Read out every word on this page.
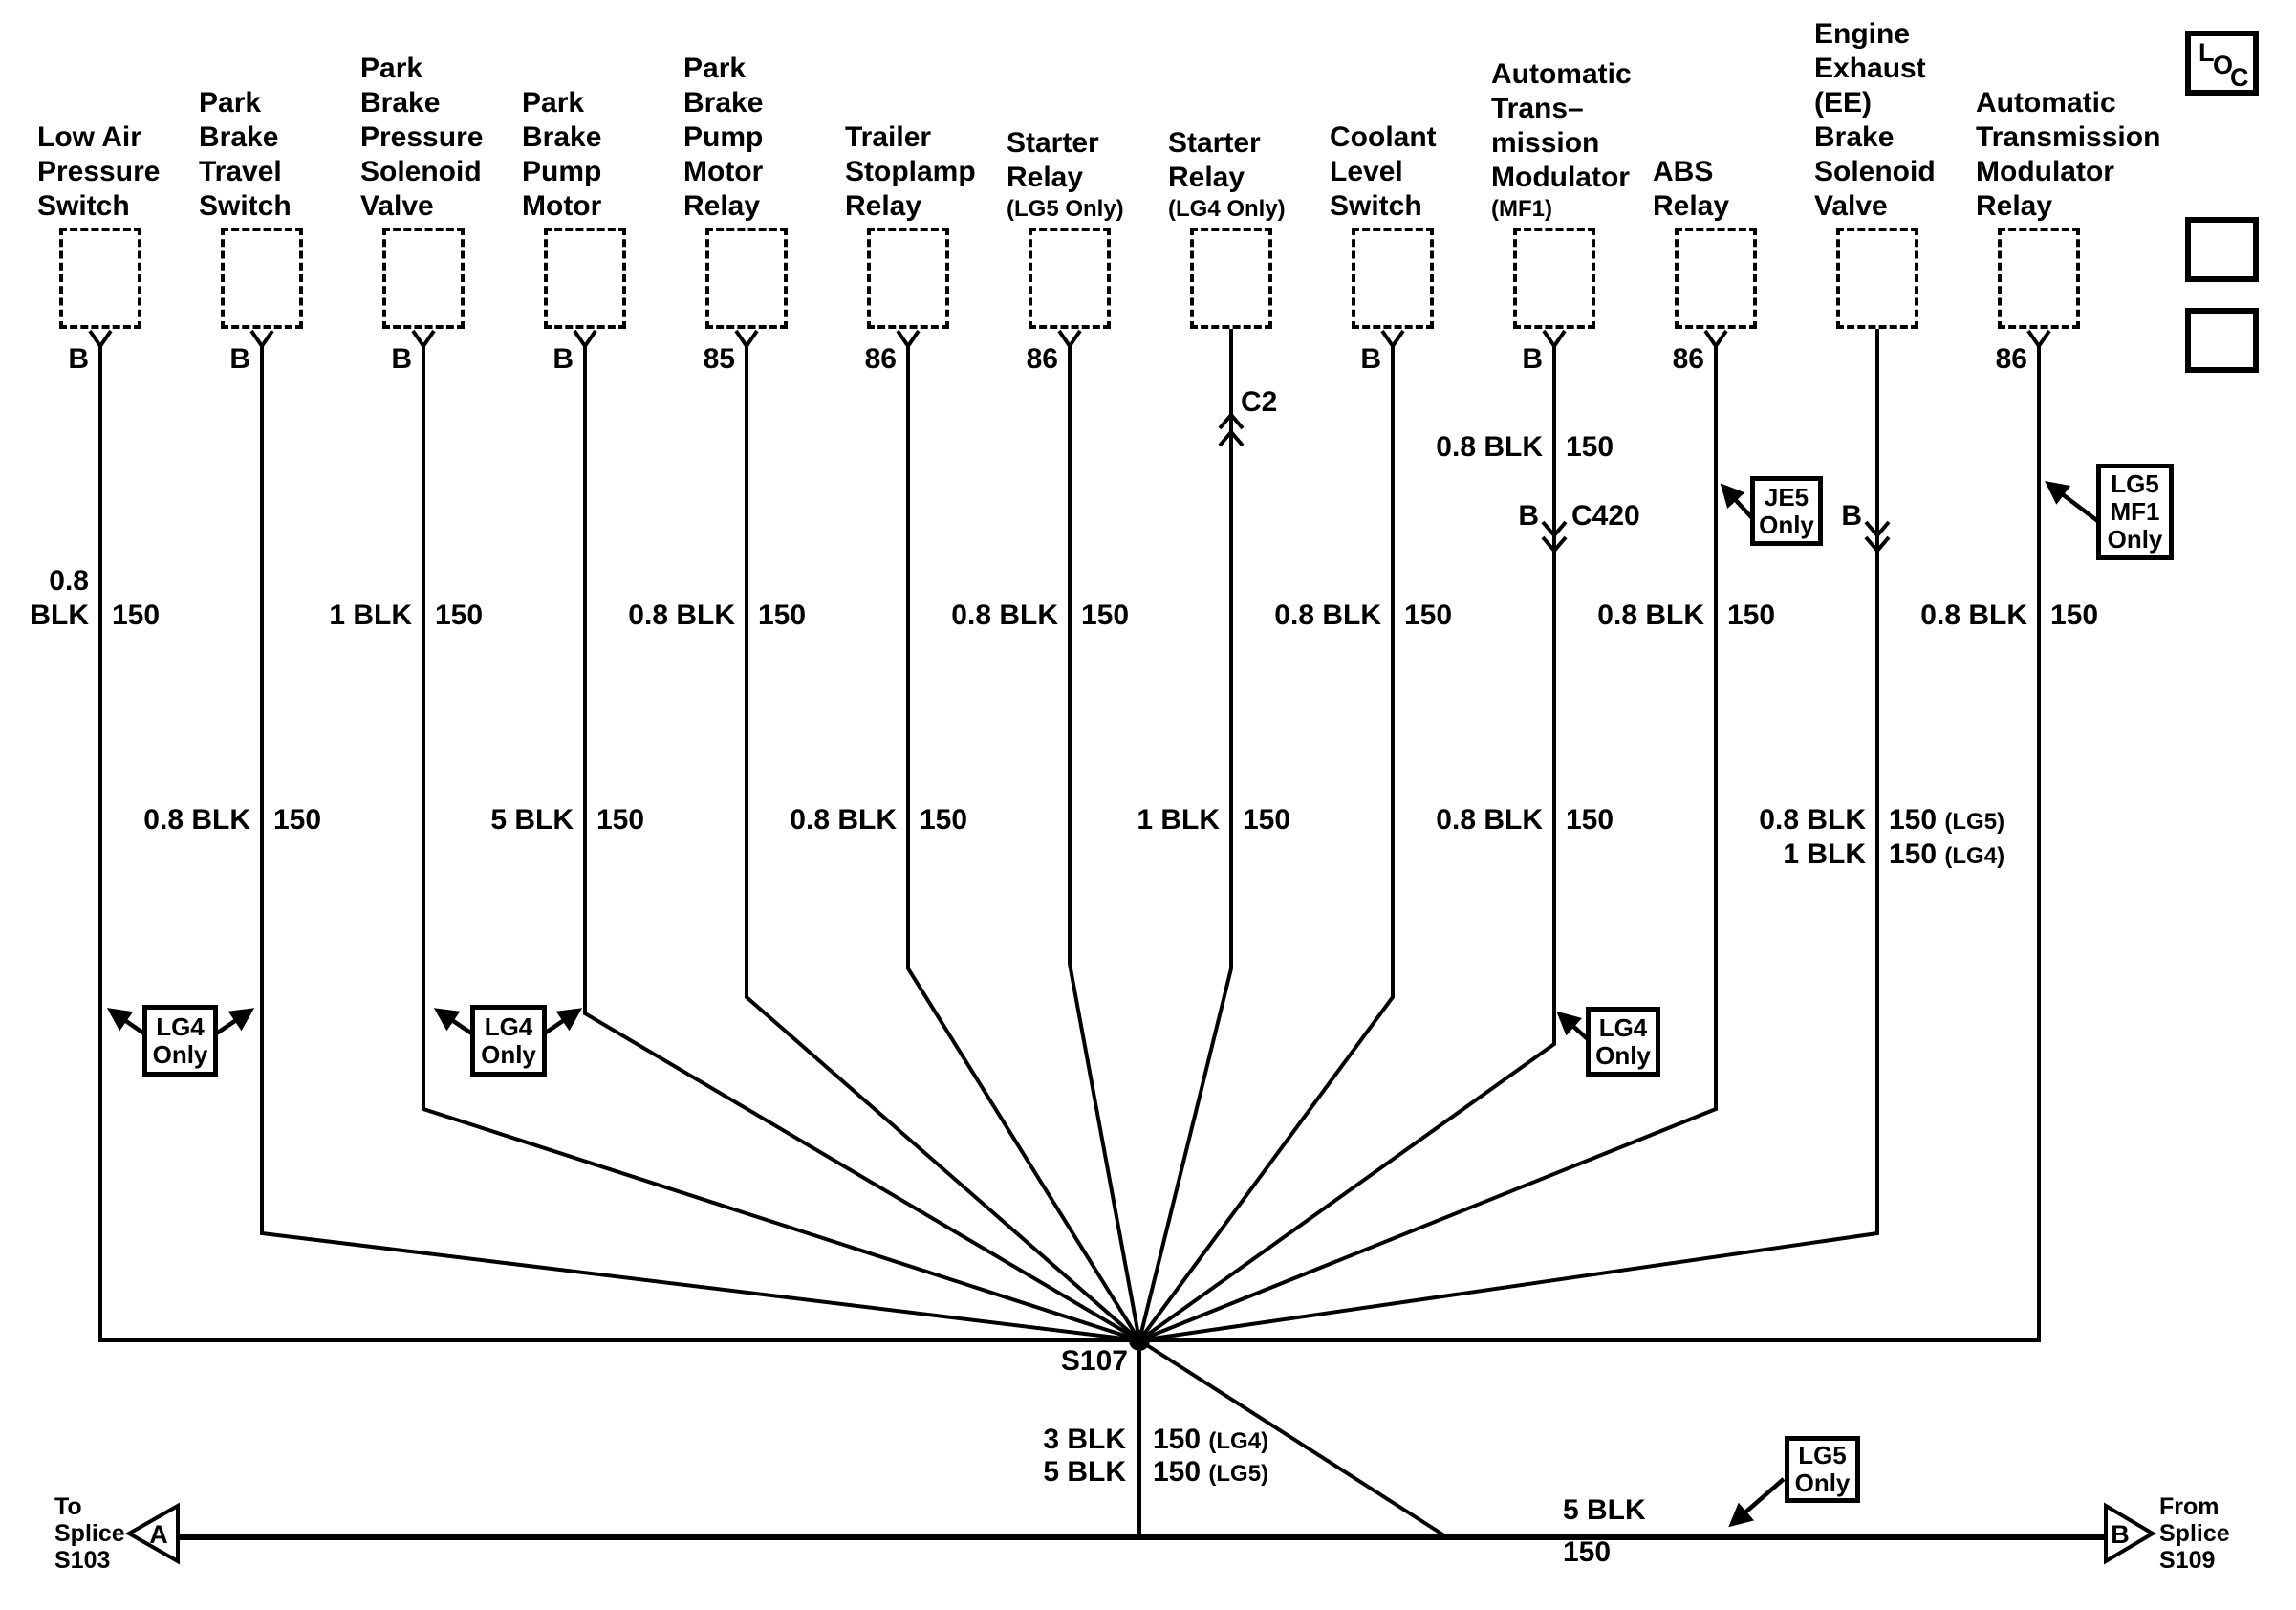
Low Air
Pressure
Switch
Park
Brake
Travel
Switch
Park
Brake
Pressure
Solenoid
Valve
Park
Brake
Pump
Motor
Park
Brake
Pump
Motor
Relay
Trailer
Stoplamp
Relay
Starter
Relay
(LG5 Only)
Starter
Relay
(LG4 Only)
Coolant
Level
Switch
Automatic
Trans–
mission
Modulator
(MF1)
ABS
Relay
Engine
Exhaust
(EE)
Brake
Solenoid
Valve
Automatic
Transmission
Modulator
Relay
B	B	B	B	85	86	86	B	B	86	86
0.8
BLK 150	1 BLK 150	0.8 BLK 150	0.8 BLK 150	0.8 BLK 150	0.8 BLK 150	0.8 BLK 150
0.8 BLK 150	5 BLK 150	0.8 BLK 150	1 BLK 150	0.8 BLK 150	0.8 BLK 150 (LG5)
1 BLK 150 (LG4)
C2
0.8 BLK 150
B C420	B
S107
3 BLK 150 (LG4)
5 BLK 150 (LG5)
5 BLK
150
To
Splice
S103
A
From
Splice
S109
B
LG4
Only
LG4
Only
LG4
Only
JE5
Only
LG5
MF1
Only
LG5
Only
L
O
C
